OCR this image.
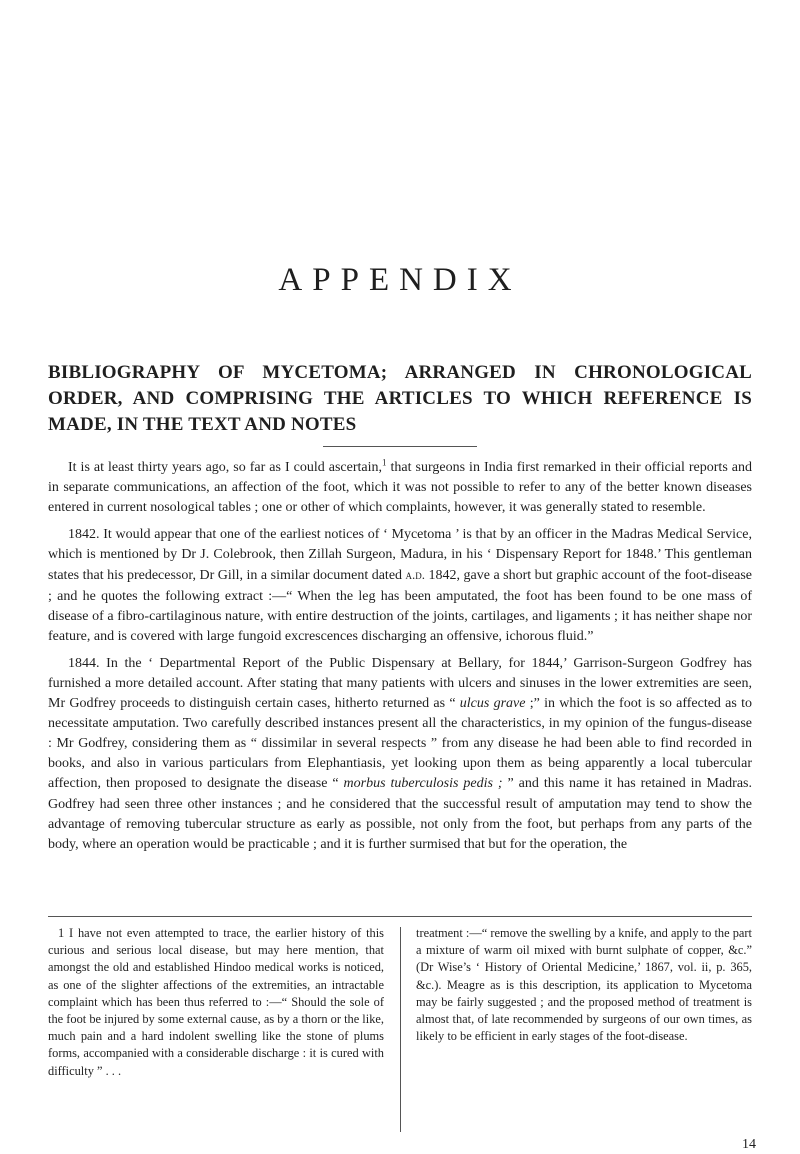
APPENDIX
BIBLIOGRAPHY OF MYCETOMA; ARRANGED IN CHRONOLOGICAL ORDER, AND COMPRISING THE ARTICLES TO WHICH REFERENCE IS MADE, IN THE TEXT AND NOTES

It is at least thirty years ago, so far as I could ascertain,$^1$ that surgeons in India first remarked in their official reports and in separate communications, an affection of the foot, which it was not possible to refer to any of the better known diseases entered in current nosological tables ; one or other of which complaints, however, it was generally stated to resemble.

1842. It would appear that one of the earliest notices of ‘ Mycetoma ’ is that by an officer in the Madras Medical Service, which is mentioned by Dr J. Colebrook, then Zillah Surgeon, Madura, in his ‘ Dispensary Report for 1848.’ This gentleman states that his predecessor, Dr Gill, in a similar document dated a.d. 1842, gave a short but graphic account of the foot-disease ; and he quotes the following extract :—“ When the leg has been amputated, the foot has been found to be one mass of disease of a fibro-cartilaginous nature, with entire destruction of the joints, cartilages, and ligaments ; it has neither shape nor feature, and is covered with large fungoid excrescences discharging an offensive, ichorous fluid.”

1844. In the ‘ Departmental Report of the Public Dispensary at Bellary, for 1844,’ Garrison-Surgeon Godfrey has furnished a more detailed account. After stating that many patients with ulcers and sinuses in the lower extremities are seen, Mr Godfrey proceeds to distinguish certain cases, hitherto returned as “ ulcus grave ;” in which the foot is so affected as to necessitate amputation. Two carefully described instances present all the characteristics, in my opinion of the fungus-disease : Mr Godfrey, considering them as “ dissimilar in several respects ” from any disease he had been able to find recorded in books, and also in various particulars from Elephantiasis, yet looking upon them as being apparently a local tubercular affection, then proposed to designate the disease “ morbus tuberculosis pedis ; ” and this name it has retained in Madras. Godfrey had seen three other instances ; and he considered that the successful result of amputation may tend to show the advantage of removing tubercular structure as early as possible, not only from the foot, but perhaps from any parts of the body, where an operation would be practicable ; and it is further surmised that but for the operation, the

1 I have not even attempted to trace, the earlier history of this curious and serious local disease, but may here mention, that amongst the old and established Hindoo medical works is noticed, as one of the slighter affections of the extremities, an intractable complaint which has been thus referred to :—“ Should the sole of the foot be injured by some external cause, as by a thorn or the like, much pain and a hard indolent swelling like the stone of plums forms, accompanied with a considerable discharge : it is cured with difficulty ” . . .

treatment :—“ remove the swelling by a knife, and apply to the part a mixture of warm oil mixed with burnt sulphate of copper, &c.” (Dr Wise’s ‘ History of Oriental Medicine,’ 1867, vol. ii, p. 365, &c.). Meagre as is this description, its application to Mycetoma may be fairly suggested ; and the proposed method of treatment is almost that, of late recommended by surgeons of our own times, as likely to be efficient in early stages of the foot-disease.

14
